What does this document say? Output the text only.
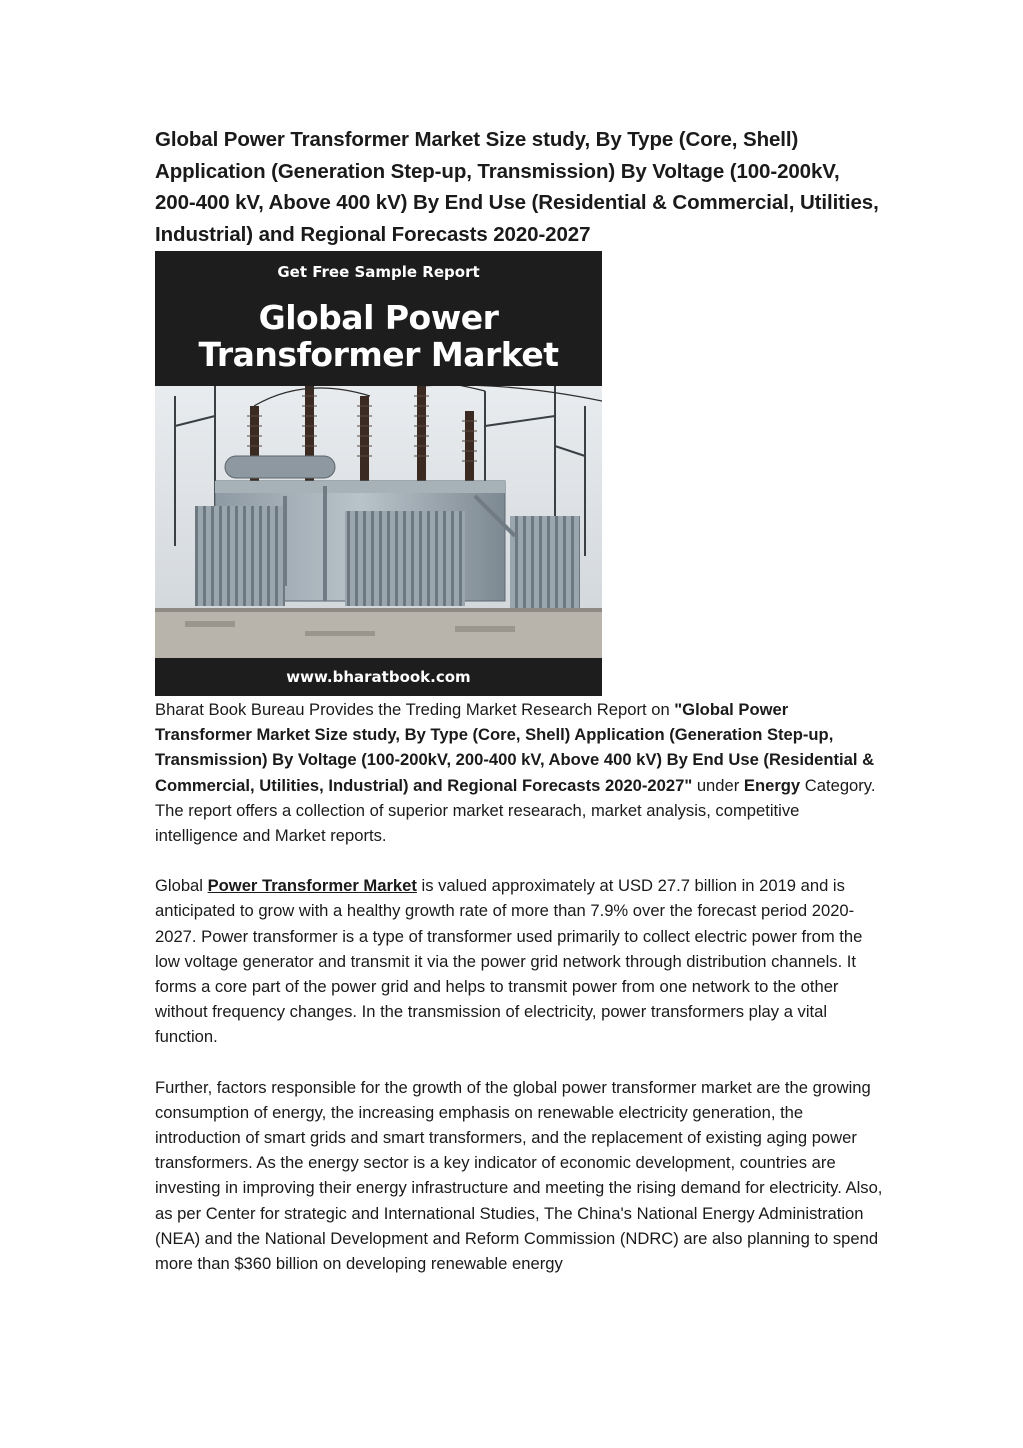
Global Power Transformer Market Size study, By Type (Core, Shell) Application (Generation Step-up, Transmission) By Voltage (100-200kV, 200-400 kV, Above 400 kV) By End Use (Residential & Commercial, Utilities, Industrial) and Regional Forecasts 2020-2027
Get Free Sample Report
Global Power
Transformer Market
www.bharatbook.com

Bharat Book Bureau Provides the Treding Market Research Report on "Global Power Transformer Market Size study, By Type (Core, Shell) Application (Generation Step-up, Transmission) By Voltage (100-200kV, 200-400 kV, Above 400 kV) By End Use (Residential & Commercial, Utilities, Industrial) and Regional Forecasts 2020-2027" under Energy Category. The report offers a collection of superior market researach, market analysis, competitive intelligence and Market reports.

Global Power Transformer Market is valued approximately at USD 27.7 billion in 2019 and is anticipated to grow with a healthy growth rate of more than 7.9% over the forecast period 2020-2027. Power transformer is a type of transformer used primarily to collect electric power from the low voltage generator and transmit it via the power grid network through distribution channels. It forms a core part of the power grid and helps to transmit power from one network to the other without frequency changes. In the transmission of electricity, power transformers play a vital function.

Further, factors responsible for the growth of the global power transformer market are the growing consumption of energy, the increasing emphasis on renewable electricity generation, the introduction of smart grids and smart transformers, and the replacement of existing aging power transformers. As the energy sector is a key indicator of economic development, countries are investing in improving their energy infrastructure and meeting the rising demand for electricity. Also, as per Center for strategic and International Studies, The China's National Energy Administration (NEA) and the National Development and Reform Commission (NDRC) are also planning to spend more than $360 billion on developing renewable energy
